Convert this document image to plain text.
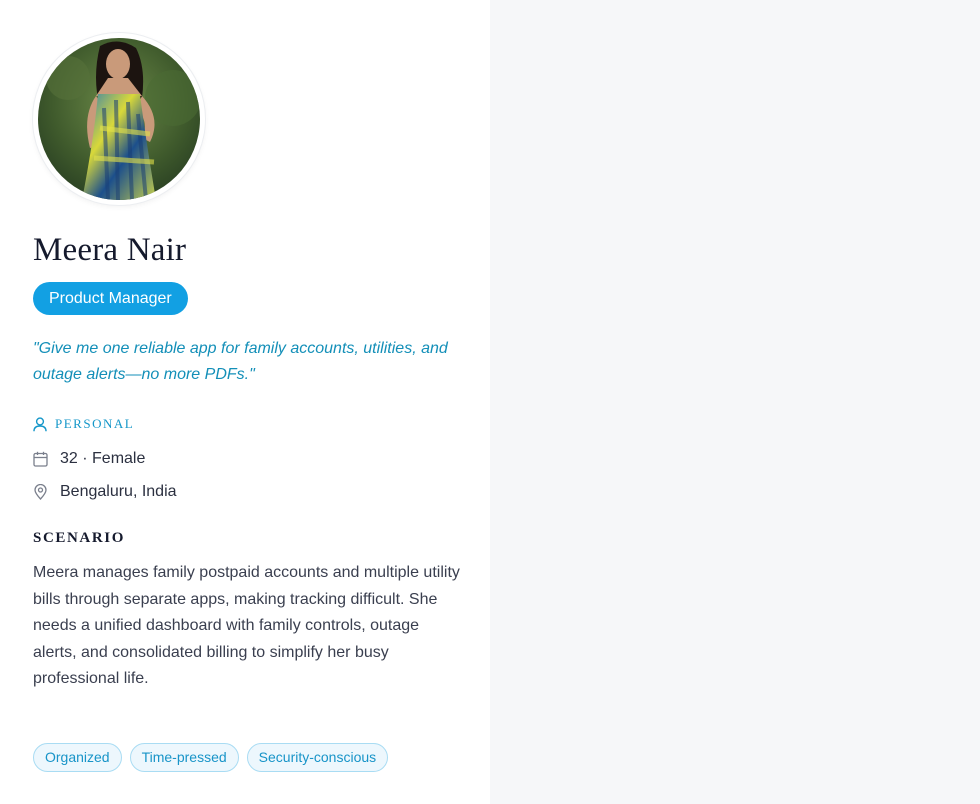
Meera Nair
Product Manager

"Give me one reliable app for family accounts, utilities, and outage alerts—no more PDFs."

PERSONAL
32 · Female
Bengaluru, India
SCENARIO

Meera manages family postpaid accounts and multiple utility bills through separate apps, making tracking difficult. She needs a unified dashboard with family controls, outage alerts, and consolidated billing to simplify her busy professional life.

Organized	Time-pressed	Security-conscious
